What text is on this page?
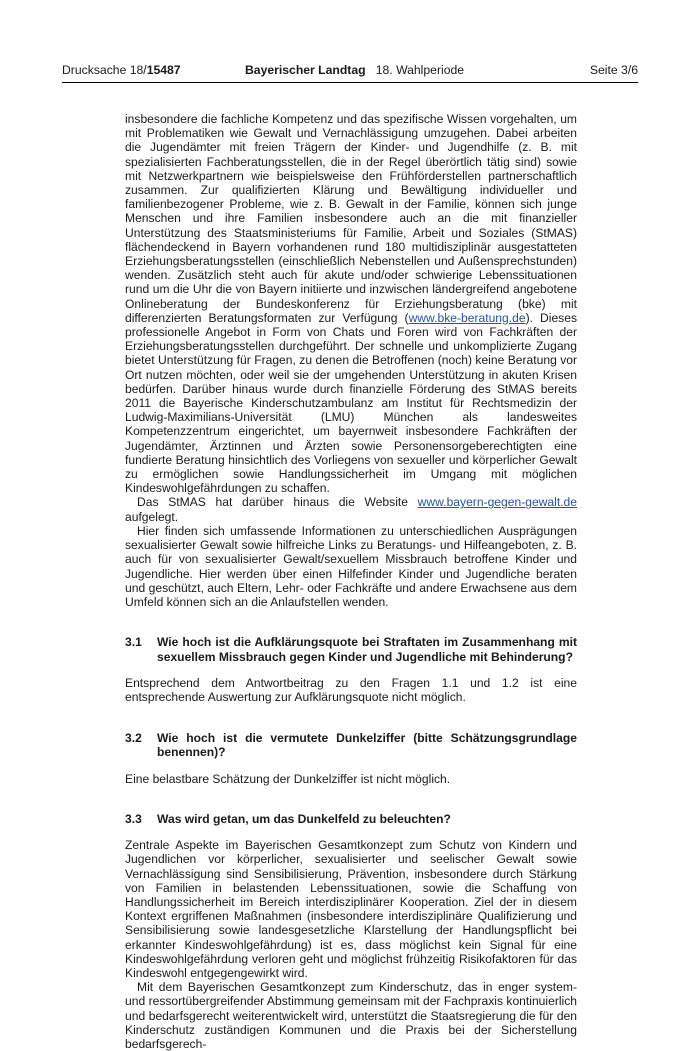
Drucksache 18/15487	Bayerischer Landtag 18. Wahlperiode	Seite 3/6

insbesondere die fachliche Kompetenz und das spezifische Wissen vorgehalten, um mit Problematiken wie Gewalt und Vernachlässigung umzugehen. Dabei arbeiten die Jugendämter mit freien Trägern der Kinder- und Jugendhilfe (z. B. mit spezialisierten Fachberatungsstellen, die in der Regel überörtlich tätig sind) sowie mit Netzwerkpartnern wie beispielsweise den Frühförderstellen partnerschaftlich zusammen. Zur qualifizierten Klärung und Bewältigung individueller und familienbezogener Probleme, wie z. B. Gewalt in der Familie, können sich junge Menschen und ihre Familien insbesondere auch an die mit finanzieller Unterstützung des Staatsministeriums für Familie, Arbeit und Soziales (StMAS) flächendeckend in Bayern vorhandenen rund 180 multidisziplinär ausgestatteten Erziehungsberatungsstellen (einschließlich Nebenstellen und Außensprechstunden) wenden. Zusätzlich steht auch für akute und/oder schwierige Lebenssituationen rund um die Uhr die von Bayern initiierte und inzwischen ländergreifend angebotene Onlineberatung der Bundeskonferenz für Erziehungsberatung (bke) mit differenzierten Beratungsformaten zur Verfügung (www.bke-beratung.de). Dieses professionelle Angebot in Form von Chats und Foren wird von Fachkräften der Erziehungsberatungsstellen durchgeführt. Der schnelle und unkomplizierte Zugang bietet Unterstützung für Fragen, zu denen die Betroffenen (noch) keine Beratung vor Ort nutzen möchten, oder weil sie der umgehenden Unterstützung in akuten Krisen bedürfen. Darüber hinaus wurde durch finanzielle Förderung des StMAS bereits 2011 die Bayerische Kinderschutzambulanz am Institut für Rechtsmedizin der Ludwig-Maximilians-Universität (LMU) München als landesweites Kompetenzzentrum eingerichtet, um bayernweit insbesondere Fachkräften der Jugendämter, Ärztinnen und Ärzten sowie Personensorgeberechtigten eine fundierte Beratung hinsichtlich des Vorliegens von sexueller und körperlicher Gewalt zu ermöglichen sowie Handlungssicherheit im Umgang mit möglichen Kindeswohlgefährdungen zu schaffen.

Das StMAS hat darüber hinaus die Website www.bayern-gegen-gewalt.de aufgelegt.

Hier finden sich umfassende Informationen zu unterschiedlichen Ausprägungen sexualisierter Gewalt sowie hilfreiche Links zu Beratungs- und Hilfeangeboten, z. B. auch für von sexualisierter Gewalt/sexuellem Missbrauch betroffene Kinder und Jugendliche. Hier werden über einen Hilfefinder Kinder und Jugendliche beraten und geschützt, auch Eltern, Lehr- oder Fachkräfte und andere Erwachsene aus dem Umfeld können sich an die Anlaufstellen wenden.

3.1	Wie hoch ist die Aufklärungsquote bei Straftaten im Zusammenhang mit sexuellem Missbrauch gegen Kinder und Jugendliche mit Behinderung?

Entsprechend dem Antwortbeitrag zu den Fragen 1.1 und 1.2 ist eine entsprechende Auswertung zur Aufklärungsquote nicht möglich.

3.2	Wie hoch ist die vermutete Dunkelziffer (bitte Schätzungsgrundlage benennen)?

Eine belastbare Schätzung der Dunkelziffer ist nicht möglich.

3.3	Was wird getan, um das Dunkelfeld zu beleuchten?

Zentrale Aspekte im Bayerischen Gesamtkonzept zum Schutz von Kindern und Jugendlichen vor körperlicher, sexualisierter und seelischer Gewalt sowie Vernachlässigung sind Sensibilisierung, Prävention, insbesondere durch Stärkung von Familien in belastenden Lebenssituationen, sowie die Schaffung von Handlungssicherheit im Bereich interdisziplinärer Kooperation. Ziel der in diesem Kontext ergriffenen Maßnahmen (insbesondere interdisziplinäre Qualifizierung und Sensibilisierung sowie landesgesetzliche Klarstellung der Handlungspflicht bei erkannter Kindeswohlgefährdung) ist es, dass möglichst kein Signal für eine Kindeswohlgefährdung verloren geht und möglichst frühzeitig Risikofaktoren für das Kindeswohl entgegengewirkt wird.

Mit dem Bayerischen Gesamtkonzept zum Kinderschutz, das in enger system- und ressortübergreifender Abstimmung gemeinsam mit der Fachpraxis kontinuierlich und bedarfsgerecht weiterentwickelt wird, unterstützt die Staatsregierung die für den Kinderschutz zuständigen Kommunen und die Praxis bei der Sicherstellung bedarfsgerech-
